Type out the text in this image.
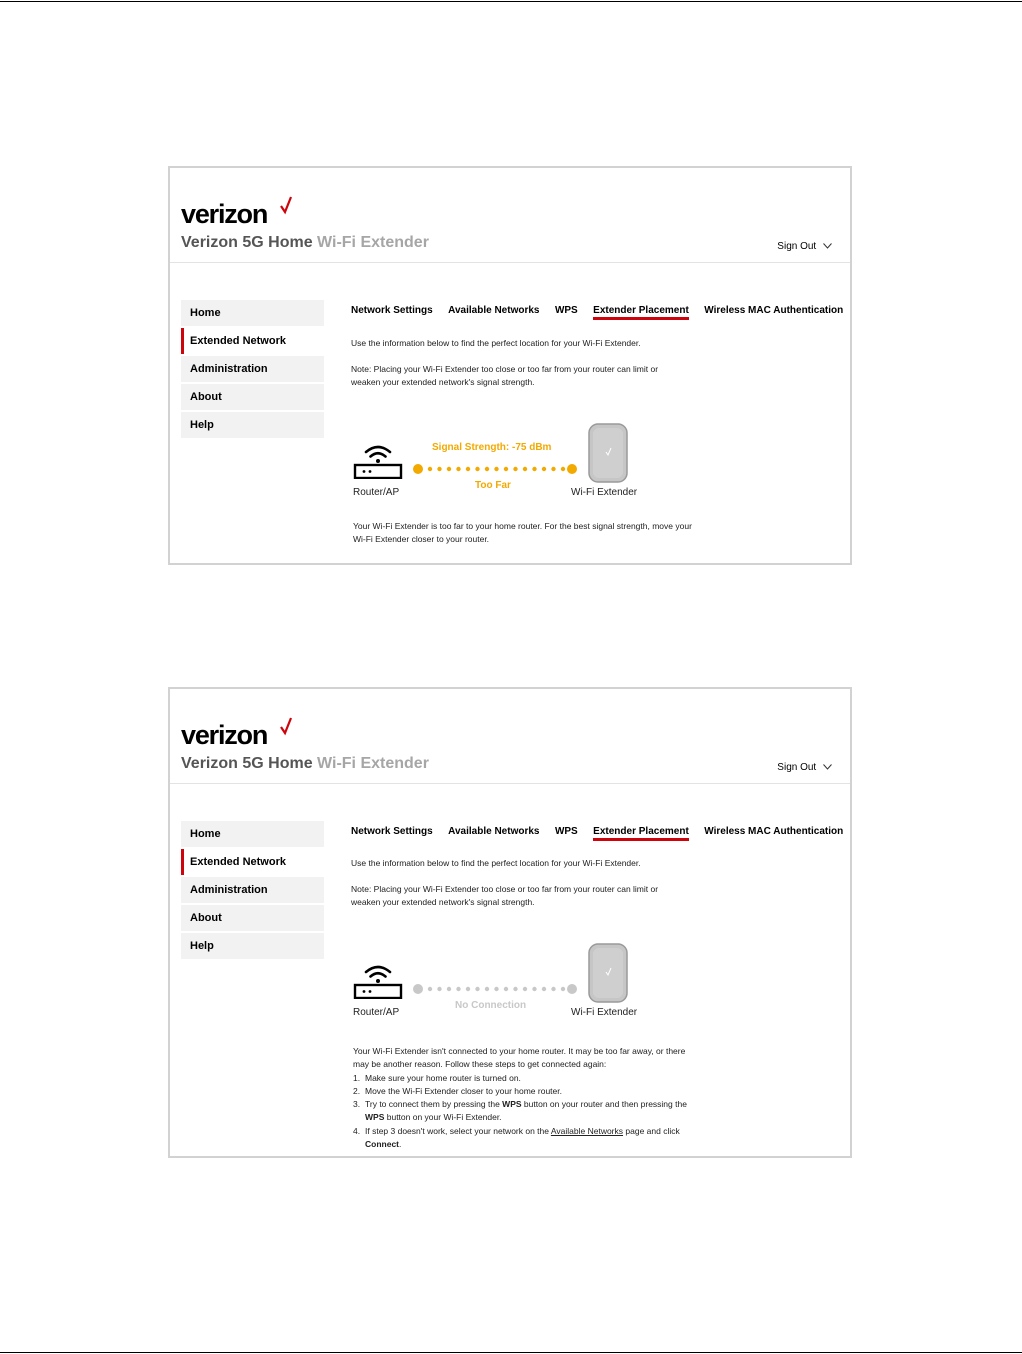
verizon
Verizon 5G Home Wi-Fi Extender	Sign Out
Home
Extended Network
Administration
About
Help
Network Settings Available Networks WPS Extender Placement Wireless MAC Authentication
Use the information below to find the perfect location for your Wi-Fi Extender.
Note: Placing your Wi-Fi Extender too close or too far from your router can limit or
weaken your extended network's signal strength.
Router/AP
Signal Strength: -75 dBm
Too Far
Wi-Fi Extender
Your Wi-Fi Extender is too far to your home router. For the best signal strength, move your
Wi-Fi Extender closer to your router.
verizon
Verizon 5G Home Wi-Fi Extender	Sign Out
Home
Extended Network
Administration
About
Help
Network Settings Available Networks WPS Extender Placement Wireless MAC Authentication
Use the information below to find the perfect location for your Wi-Fi Extender.
Note: Placing your Wi-Fi Extender too close or too far from your router can limit or
weaken your extended network's signal strength.
Router/AP
No Connection
Wi-Fi Extender
Your Wi-Fi Extender isn't connected to your home router. It may be too far away, or there
may be another reason. Follow these steps to get connected again:
1. Make sure your home router is turned on.
2. Move the Wi-Fi Extender closer to your home router.
3. Try to connect them by pressing the WPS button on your router and then pressing the
WPS button on your Wi-Fi Extender.
4. If step 3 doesn't work, select your network on the Available Networks page and click
Connect.
